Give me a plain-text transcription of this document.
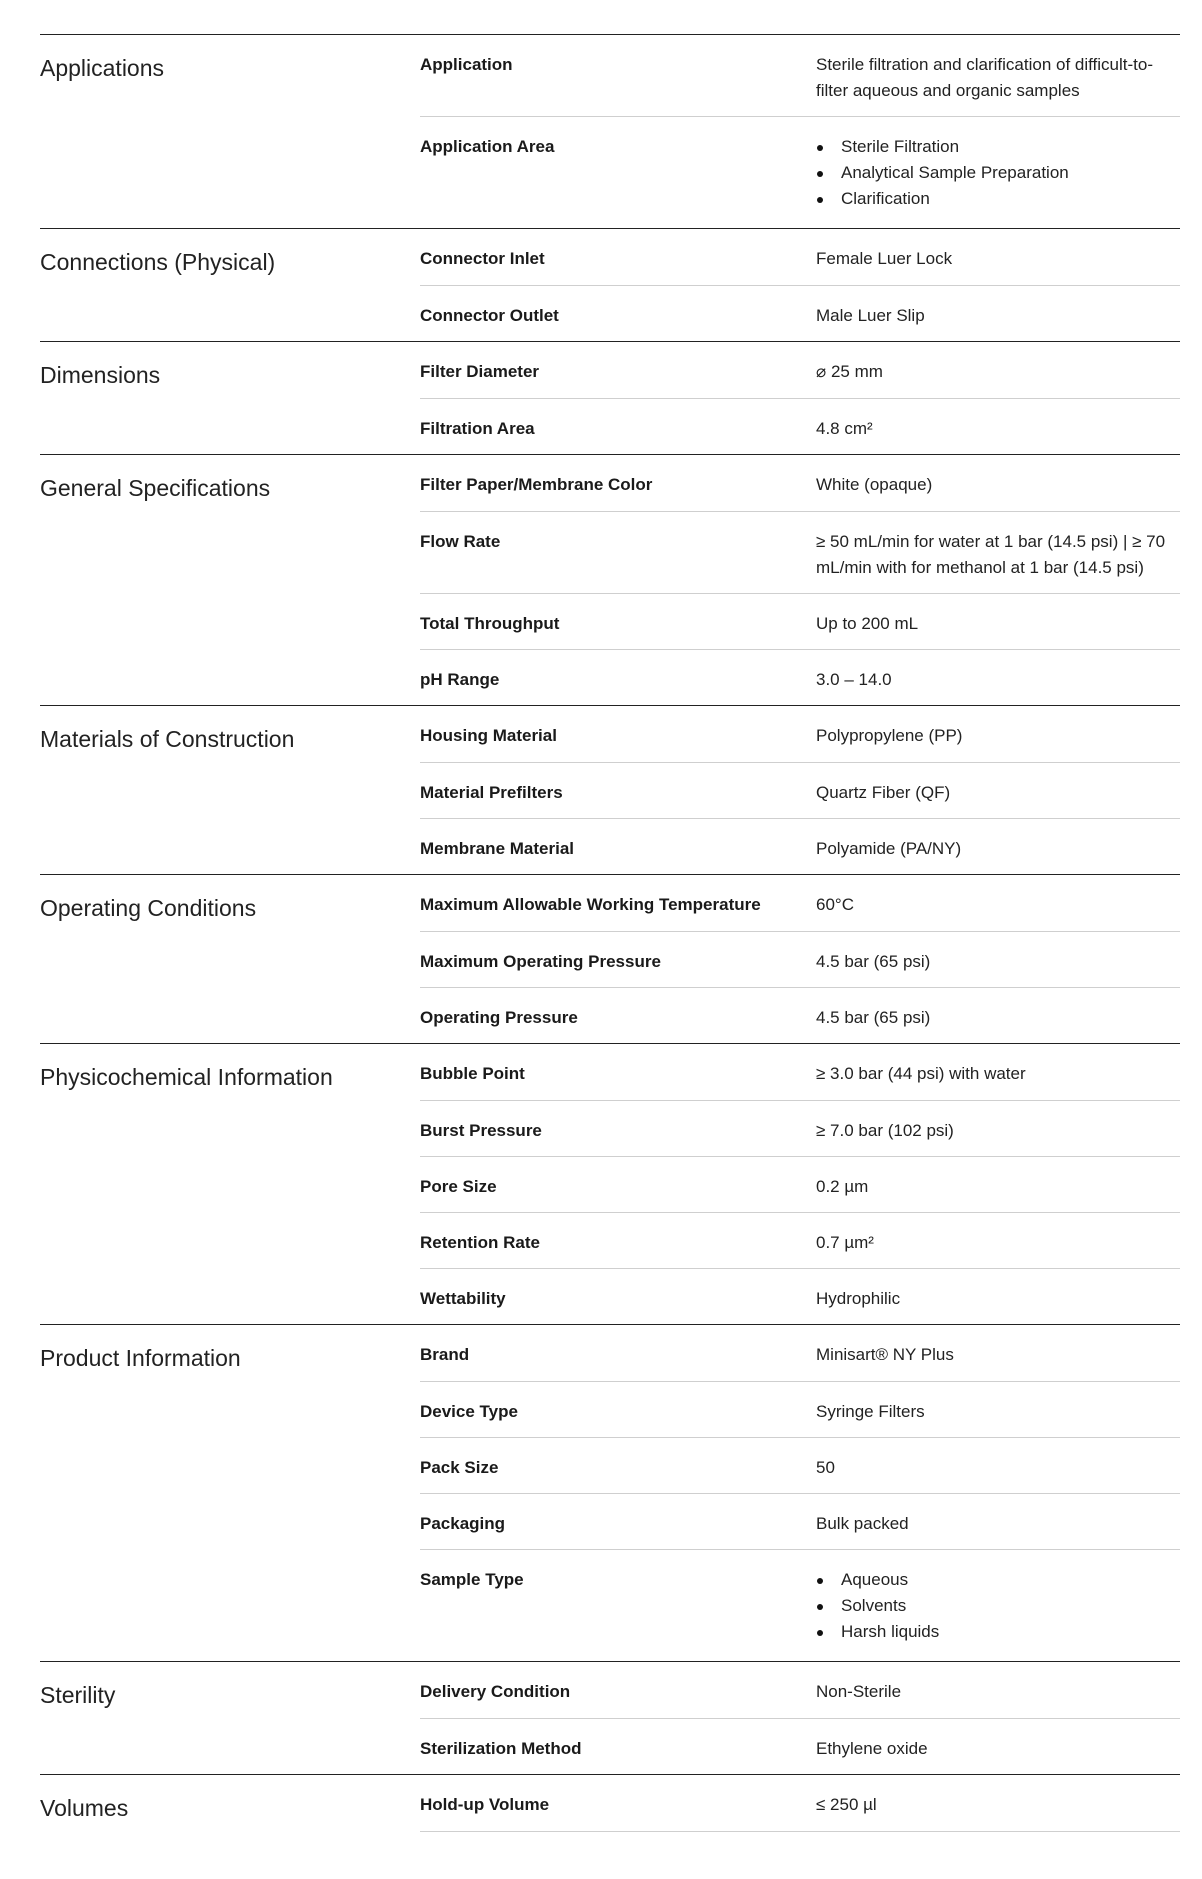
Applications	Application	Sterile filtration and clarification of difficult-to-filter aqueous and organic samples
Application Area	Sterile Filtration
Analytical Sample Preparation
Clarification
Connections (Physical)	Connector Inlet	Female Luer Lock
Connector Outlet	Male Luer Slip
Dimensions	Filter Diameter	⌀ 25 mm
Filtration Area	4.8 cm²
General Specifications	Filter Paper/Membrane Color	White (opaque)
Flow Rate	≥ 50 mL/min for water at 1 bar (14.5 psi) | ≥ 70 mL/min with for methanol at 1 bar (14.5 psi)
Total Throughput	Up to 200 mL
pH Range	3.0 – 14.0
Materials of Construction	Housing Material	Polypropylene (PP)
Material Prefilters	Quartz Fiber (QF)
Membrane Material	Polyamide (PA/NY)
Operating Conditions	Maximum Allowable Working Temperature	60°C
Maximum Operating Pressure	4.5 bar (65 psi)
Operating Pressure	4.5 bar (65 psi)
Physicochemical Information	Bubble Point	≥ 3.0 bar (44 psi) with water
Burst Pressure	≥ 7.0 bar (102 psi)
Pore Size	0.2 µm
Retention Rate	0.7 µm²
Wettability	Hydrophilic
Product Information	Brand	Minisart® NY Plus
Device Type	Syringe Filters
Pack Size	50
Packaging	Bulk packed
Sample Type	Aqueous
Solvents
Harsh liquids
Sterility	Delivery Condition	Non-Sterile
Sterilization Method	Ethylene oxide
Volumes	Hold-up Volume	≤ 250 µl
